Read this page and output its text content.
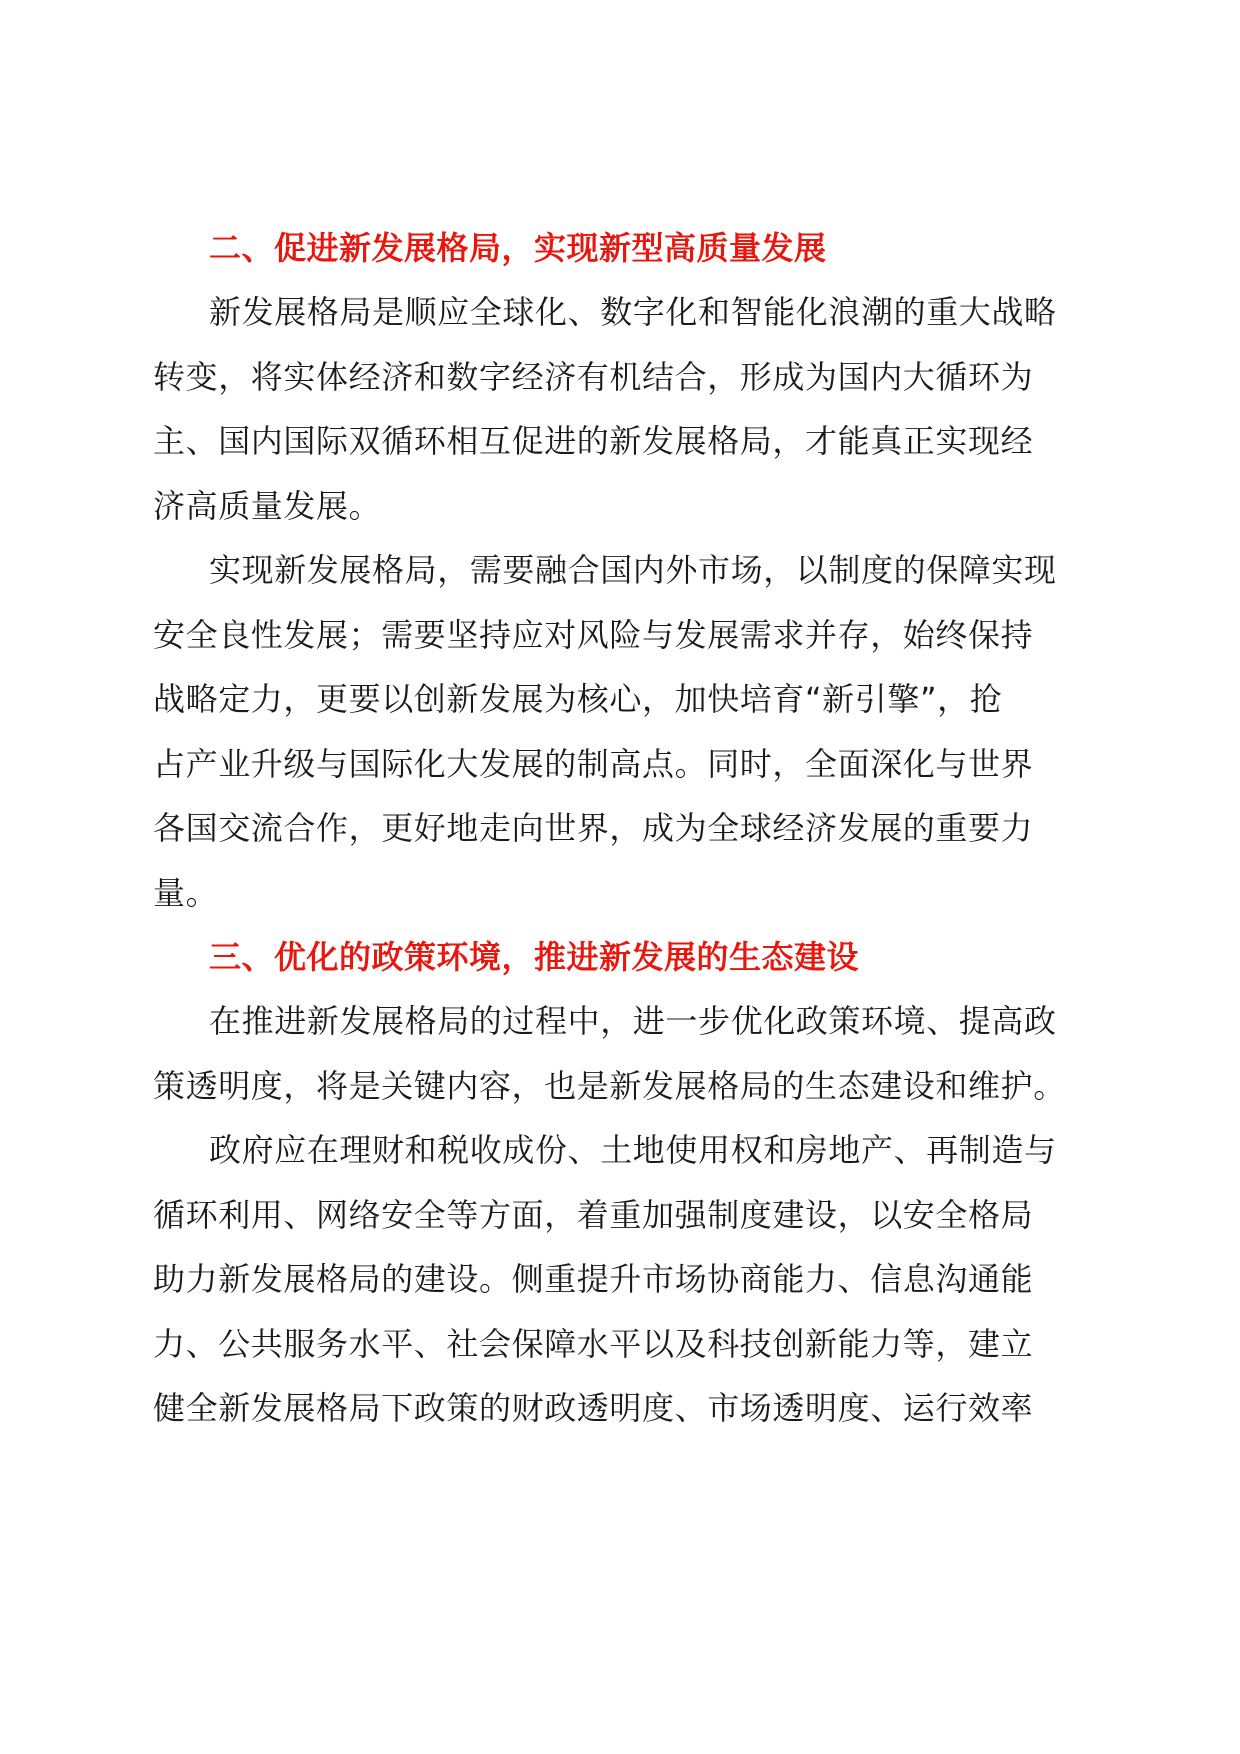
二、促进新发展格局，实现新型高质量发展

新发展格局是顺应全球化、数字化和智能化浪潮的重大战略
转变，将实体经济和数字经济有机结合，形成为国内大循环为
主、国内国际双循环相互促进的新发展格局，才能真正实现经
济高质量发展。

实现新发展格局，需要融合国内外市场，以制度的保障实现
安全良性发展；需要坚持应对风险与发展需求并存，始终保持
战略定力，更要以创新发展为核心，加快培育“新引擎”，抢
占产业升级与国际化大发展的制高点。同时，全面深化与世界
各国交流合作，更好地走向世界，成为全球经济发展的重要力
量。

三、优化的政策环境，推进新发展的生态建设

在推进新发展格局的过程中，进一步优化政策环境、提高政
策透明度，将是关键内容，也是新发展格局的生态建设和维护。

政府应在理财和税收成份、土地使用权和房地产、再制造与
循环利用、网络安全等方面，着重加强制度建设，以安全格局
助力新发展格局的建设。侧重提升市场协商能力、信息沟通能
力、公共服务水平、社会保障水平以及科技创新能力等，建立
健全新发展格局下政策的财政透明度、市场透明度、运行效率
